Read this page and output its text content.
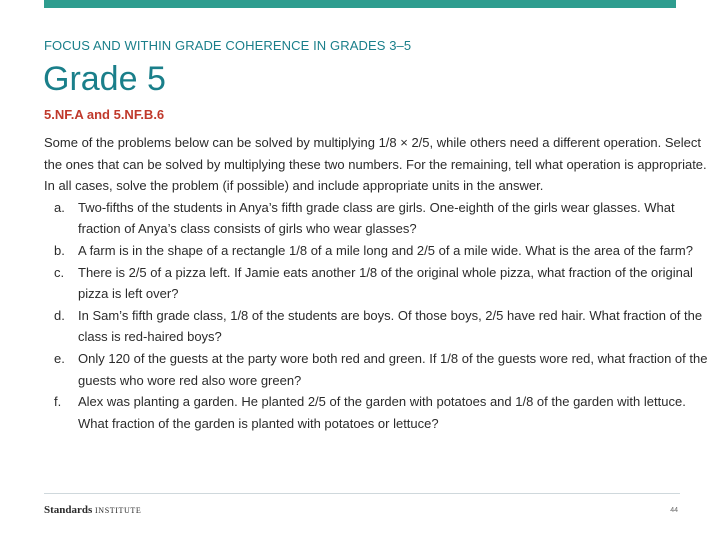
FOCUS AND WITHIN GRADE COHERENCE IN GRADES 3–5
Grade 5
5.NF.A and 5.NF.B.6

Some of the problems below can be solved by multiplying 1/8 × 2/5, while others need a different operation. Select the ones that can be solved by multiplying these two numbers. For the remaining, tell what operation is appropriate. In all cases, solve the problem (if possible) and include appropriate units in the answer.

a.	Two-fifths of the students in Anya’s fifth grade class are girls. One-eighth of the girls wear glasses. What fraction of Anya’s class consists of girls who wear glasses?
b.	A farm is in the shape of a rectangle 1/8 of a mile long and 2/5 of a mile wide. What is the area of the farm?
c.	There is 2/5 of a pizza left. If Jamie eats another 1/8 of the original whole pizza, what fraction of the original pizza is left over?
d.	In Sam’s fifth grade class, 1/8 of the students are boys. Of those boys, 2/5 have red hair. What fraction of the class is red-haired boys?
e.	Only 120 of the guests at the party wore both red and green. If 1/8 of the guests wore red, what fraction of the guests who wore red also wore green?
f.	Alex was planting a garden. He planted 2/5 of the garden with potatoes and 1/8 of the garden with lettuce. What fraction of the garden is planted with potatoes or lettuce?
Standards INSTITUTE	44
